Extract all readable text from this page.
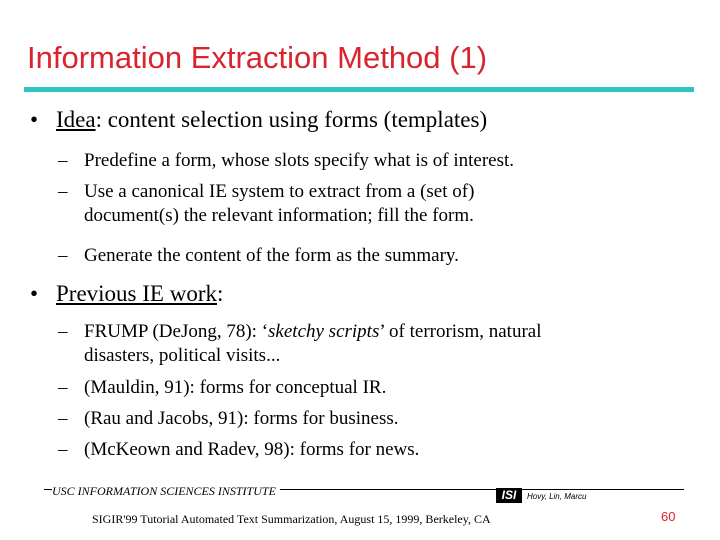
Information Extraction Method (1)
• Idea: content selection using forms (templates)
– Predefine a form, whose slots specify what is of interest.
– Use a canonical IE system to extract from a (set of)
document(s) the relevant information; fill the form.
– Generate the content of the form as the summary.
• Previous IE work:
– FRUMP (DeJong, 78): ‘sketchy scripts’ of terrorism, natural
disasters, political visits...
– (Mauldin, 91): forms for conceptual IR.
– (Rau and Jacobs, 91): forms for business.
– (McKeown and Radev, 98): forms for news.
USC INFORMATION SCIENCES INSTITUTE	ISI	Hovy, Lin, Marcu
SIGIR'99 Tutorial Automated Text Summarization, August 15, 1999, Berkeley, CA	60
